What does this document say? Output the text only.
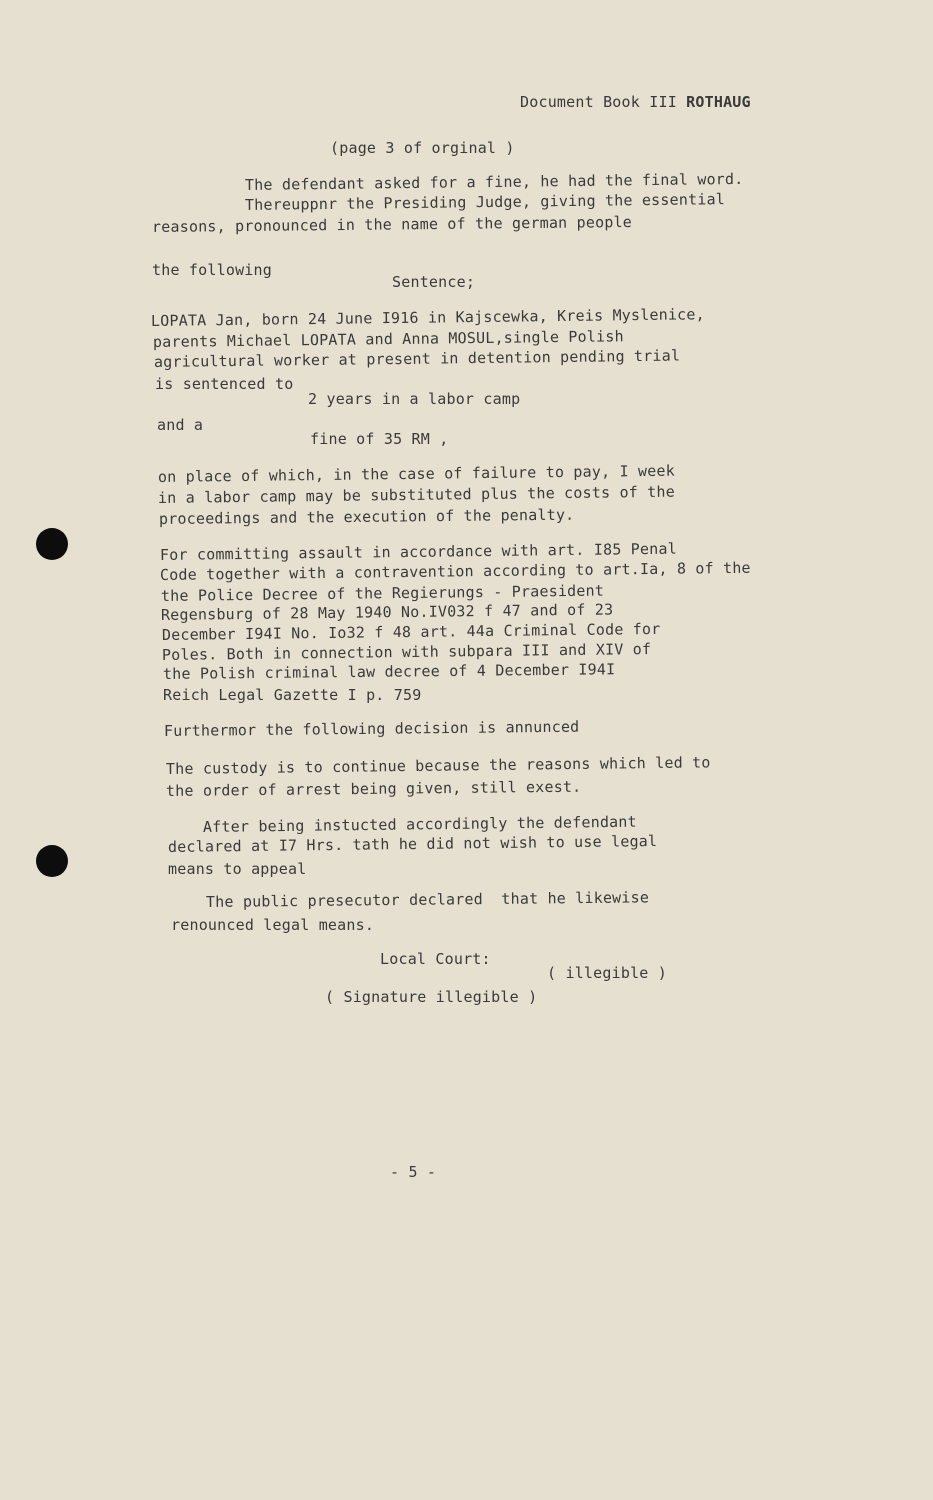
Document Book III ROTHAUG
(page 3 of orginal )
The defendant asked for a fine, he had the final word.
Thereuppnr the Presiding Judge, giving the essential
reasons, pronounced in the name of the german people
the following
Sentence;
LOPATA Jan, born 24 June I916 in Kajscewka, Kreis Myslenice,
parents Michael LOPATA and Anna MOSUL,single Polish
agricultural worker at present in detention pending trial
is sentenced to
2 years in a labor camp
and a
fine of 35 RM ,
on place of which, in the case of failure to pay, I week
in a labor camp may be substituted plus the costs of the
proceedings and the execution of the penalty.
For committing assault in accordance with art. I85 Penal
Code together with a contravention according to art.Ia, 8 of the
the Police Decree of the Regierungs - Praesident
Regensburg of 28 May 1940 No.IV032 f 47 and of 23
December I94I No. Io32 f 48 art. 44a Criminal Code for
Poles. Both in connection with subpara III and XIV of
the Polish criminal law decree of 4 December I94I
Reich Legal Gazette I p. 759
Furthermor the following decision is annunced
The custody is to continue because the reasons which led to
the order of arrest being given, still exest.
After being instucted accordingly the defendant
declared at I7 Hrs. tath he did not wish to use legal
means to appeal
The public presecutor declared  that he likewise
renounced legal means.
Local Court:
( illegible )
( Signature illegible )
- 5 -
